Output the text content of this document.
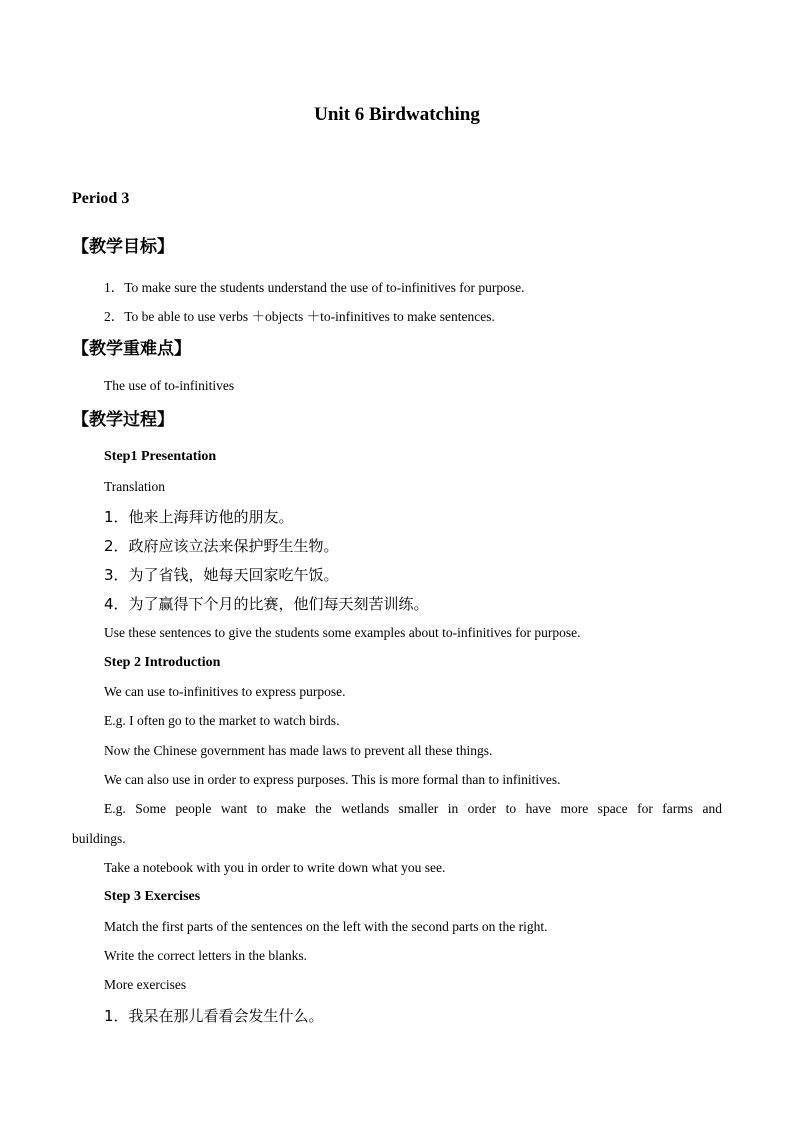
Unit 6 Birdwatching
Period 3
【教学目标】
1．To make sure the students understand the use of to-infinitives for purpose.
2．To be able to use verbs ＋objects ＋to-infinitives to make sentences.
【教学重难点】
The use of to-infinitives
【教学过程】
Step1 Presentation
Translation
1．他来上海拜访他的朋友。
2．政府应该立法来保护野生生物。
3．为了省钱，她每天回家吃午饭。
4．为了赢得下个月的比赛，他们每天刻苦训练。
Use these sentences to give the students some examples about to-infinitives for purpose.
Step 2 Introduction
We can use to-infinitives to express purpose.
E.g. I often go to the market to watch birds.
Now the Chinese government has made laws to prevent all these things.
We can also use in order to express purposes. This is more formal than to infinitives.
E.g. Some people want to make the wetlands smaller in order to have more space for farms and
buildings.
Take a notebook with you in order to write down what you see.
Step 3 Exercises
Match the first parts of the sentences on the left with the second parts on the right.
Write the correct letters in the blanks.
More exercises
1．我呆在那儿看看会发生什么。
